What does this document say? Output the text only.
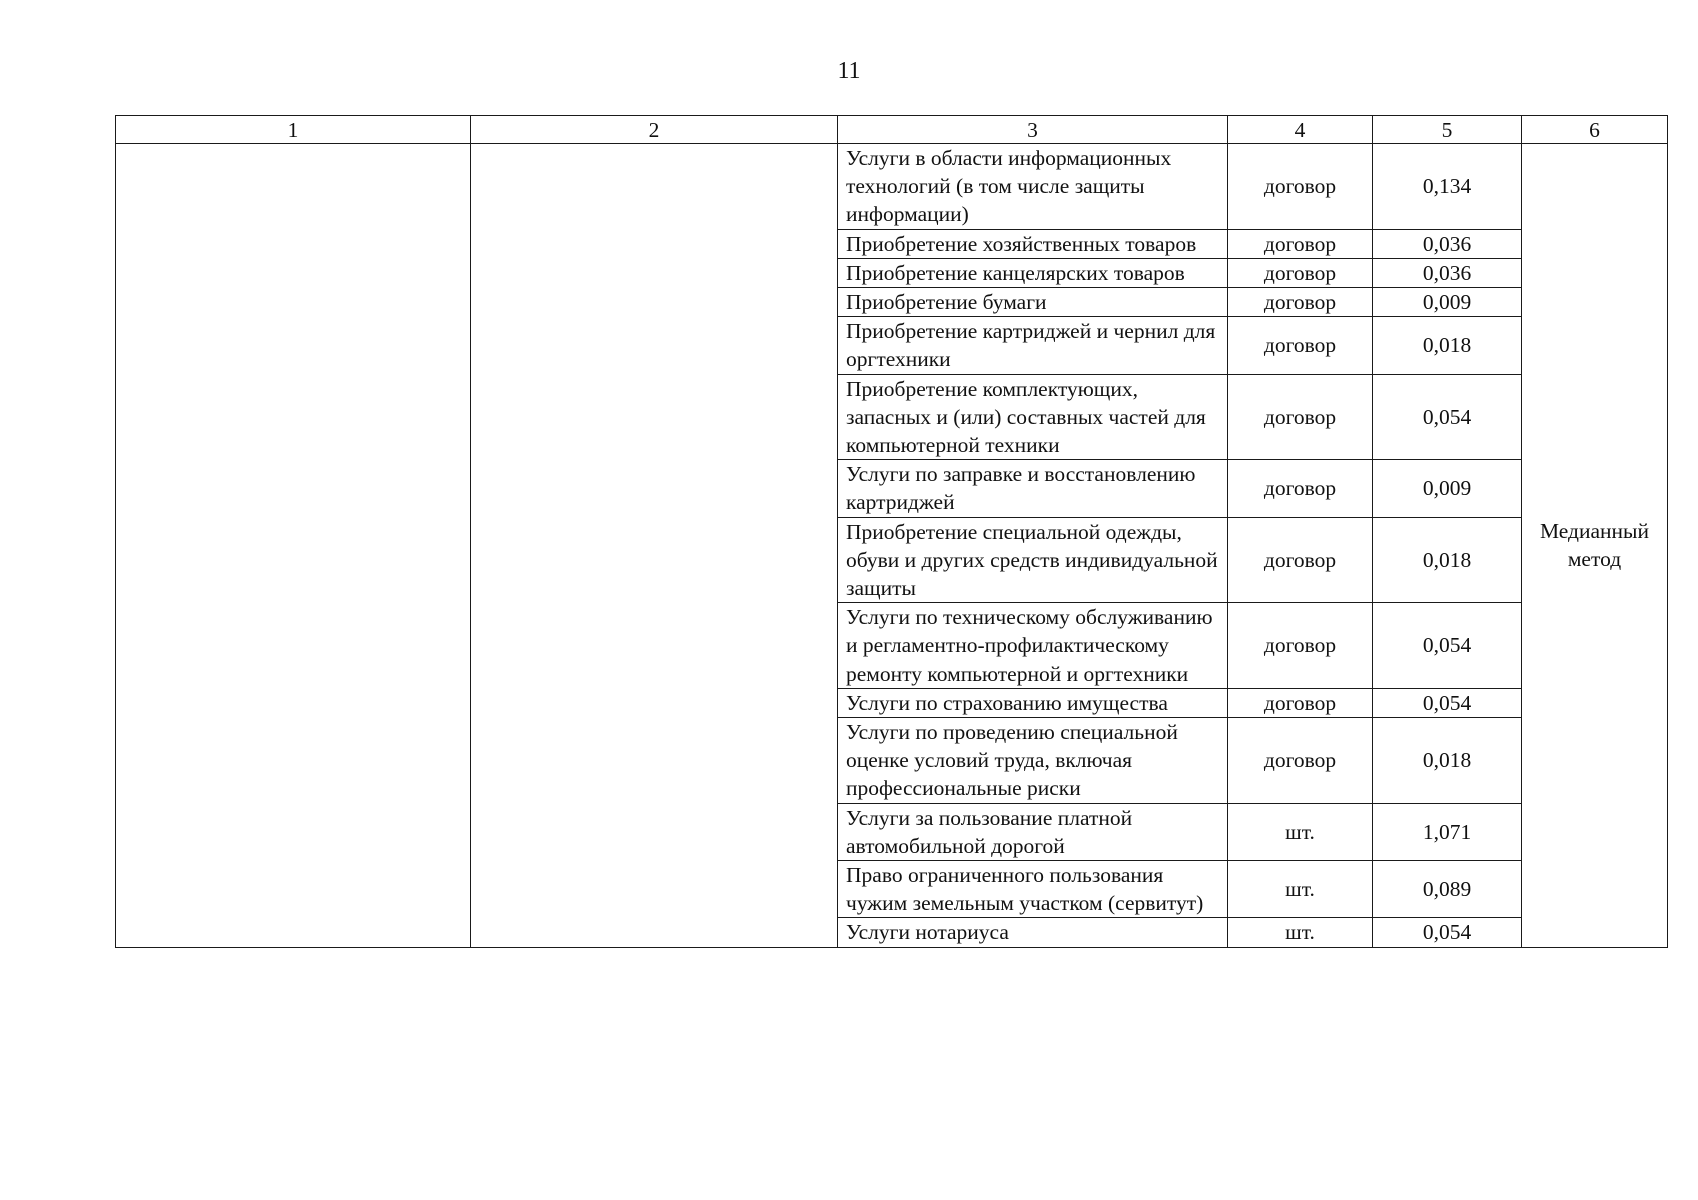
11
1	2	3	4	5	6
		Услуги в области информационных технологий (в том числе защиты информации)	договор	0,134	Медианный метод
		Приобретение хозяйственных товаров	договор	0,036	
		Приобретение канцелярских товаров	договор	0,036	
		Приобретение бумаги	договор	0,009	
		Приобретение картриджей и чернил для оргтехники	договор	0,018	
		Приобретение комплектующих, запасных и (или) составных частей для компьютерной техники	договор	0,054	
		Услуги по заправке и восстановлению картриджей	договор	0,009	
		Приобретение специальной одежды, обуви и других средств индивидуальной защиты	договор	0,018	
		Услуги по техническому обслуживанию и регламентно-профилактическому ремонту компьютерной и оргтехники	договор	0,054	
		Услуги по страхованию имущества	договор	0,054	
		Услуги по проведению специальной оценке условий труда, включая профессиональные риски	договор	0,018	
		Услуги за пользование платной автомобильной дорогой	шт.	1,071	
		Право ограниченного пользования чужим земельным участком (сервитут)	шт.	0,089	
		Услуги нотариуса	шт.	0,054	
